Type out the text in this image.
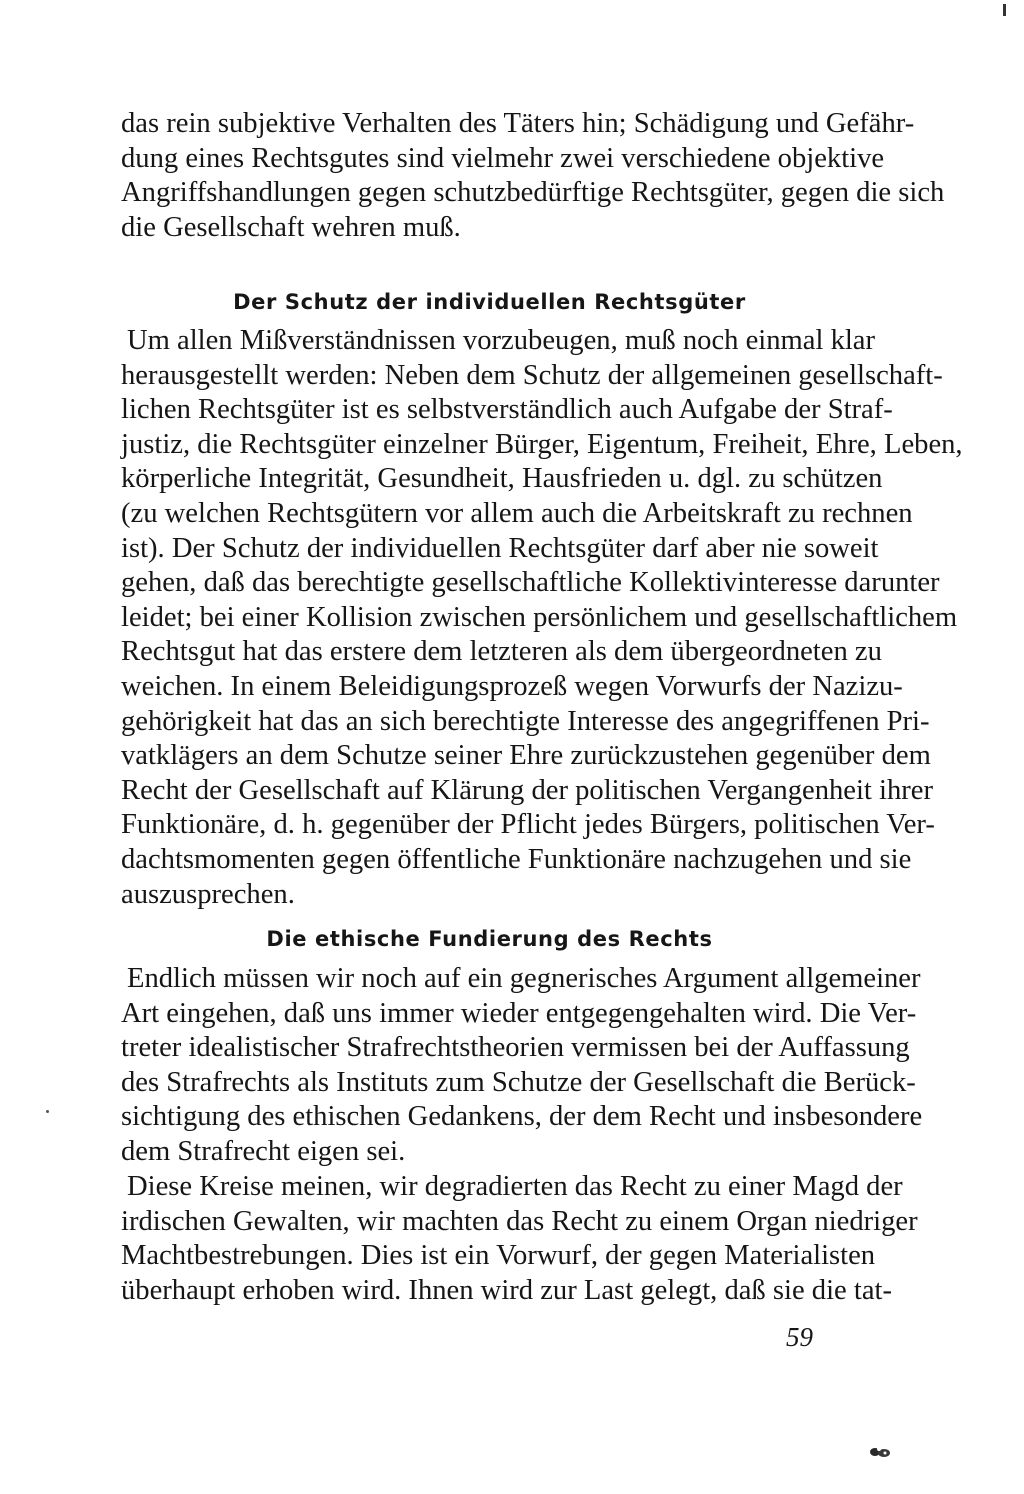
das rein subjektive Verhalten des Täters hin; Schädigung und Gefähr-
dung eines Rechtsgutes sind vielmehr zwei verschiedene objektive
Angriffshandlungen gegen schutzbedürftige Rechtsgüter, gegen die sich
die Gesellschaft wehren muß.
Der Schutz der individuellen Rechtsgüter
Um allen Mißverständnissen vorzubeugen, muß noch einmal klar
herausgestellt werden: Neben dem Schutz der allgemeinen gesellschaft-
lichen Rechtsgüter ist es selbstverständlich auch Aufgabe der Straf-
justiz, die Rechtsgüter einzelner Bürger, Eigentum, Freiheit, Ehre, Leben,
körperliche Integrität, Gesundheit, Hausfrieden u. dgl. zu schützen
(zu welchen Rechtsgütern vor allem auch die Arbeitskraft zu rechnen
ist). Der Schutz der individuellen Rechtsgüter darf aber nie soweit
gehen, daß das berechtigte gesellschaftliche Kollektivinteresse darunter
leidet; bei einer Kollision zwischen persönlichem und gesellschaftlichem
Rechtsgut hat das erstere dem letzteren als dem übergeordneten zu
weichen. In einem Beleidigungsprozeß wegen Vorwurfs der Nazizu-
gehörigkeit hat das an sich berechtigte Interesse des angegriffenen Pri-
vatklägers an dem Schutze seiner Ehre zurückzustehen gegenüber dem
Recht der Gesellschaft auf Klärung der politischen Vergangenheit ihrer
Funktionäre, d. h. gegenüber der Pflicht jedes Bürgers, politischen Ver-
dachtsmomenten gegen öffentliche Funktionäre nachzugehen und sie
auszusprechen.
Die ethische Fundierung des Rechts
Endlich müssen wir noch auf ein gegnerisches Argument allgemeiner
Art eingehen, daß uns immer wieder entgegengehalten wird. Die Ver-
treter idealistischer Strafrechtstheorien vermissen bei der Auffassung
des Strafrechts als Instituts zum Schutze der Gesellschaft die Berück-
sichtigung des ethischen Gedankens, der dem Recht und insbesondere
dem Strafrecht eigen sei.
Diese Kreise meinen, wir degradierten das Recht zu einer Magd der
irdischen Gewalten, wir machten das Recht zu einem Organ niedriger
Machtbestrebungen. Dies ist ein Vorwurf, der gegen Materialisten
überhaupt erhoben wird. Ihnen wird zur Last gelegt, daß sie die tat-
59
